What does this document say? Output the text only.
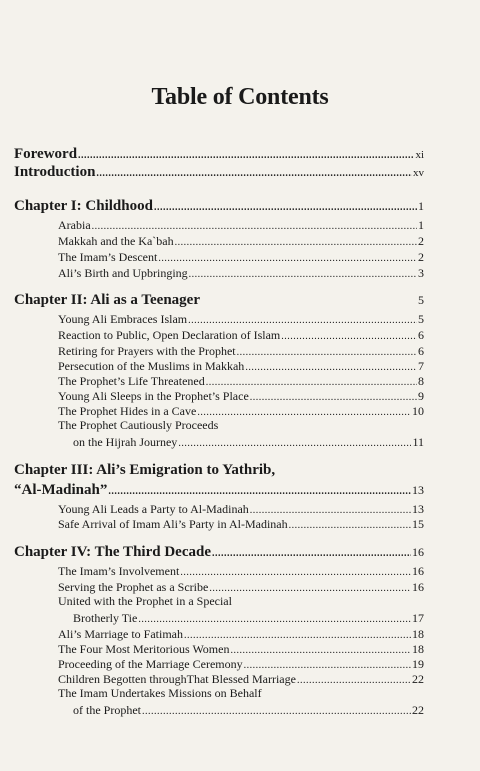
Table of Contents
Foreword .....	xi
Introduction .....	xv
Chapter I: Childhood .....	1
Arabia .....	1
Makkah and the Ka`bah .....	2
The Imam’s Descent .....	2
Ali’s Birth and Upbringing .....	3
Chapter II: Ali as a Teenager	5
Young Ali Embraces Islam .....	5
Reaction to Public, Open Declaration of Islam .....	6
Retiring for Prayers with the Prophet .....	6
Persecution of the Muslims in Makkah .....	7
The Prophet’s Life Threatened .....	8
Young Ali Sleeps in the Prophet’s Place .....	9
The Prophet Hides in a Cave .....	10
The Prophet Cautiously Proceeds
on the Hijrah Journey .....	11
Chapter III: Ali’s Emigration to Yathrib,
“Al-Madinah” .....	13
Young Ali Leads a Party to Al-Madinah .....	13
Safe Arrival of Imam Ali’s Party in Al-Madinah .....	15
Chapter IV: The Third Decade .....	16
The Imam’s Involvement .....	16
Serving the Prophet as a Scribe .....	16
United with the Prophet in a Special
Brotherly Tie .....	17
Ali’s Marriage to Fatimah .....	18
The Four Most Meritorious Women .....	18
Proceeding of the Marriage Ceremony .....	19
Children Begotten throughThat Blessed Marriage .....	22
The Imam Undertakes Missions on Behalf
of the Prophet .....	22
